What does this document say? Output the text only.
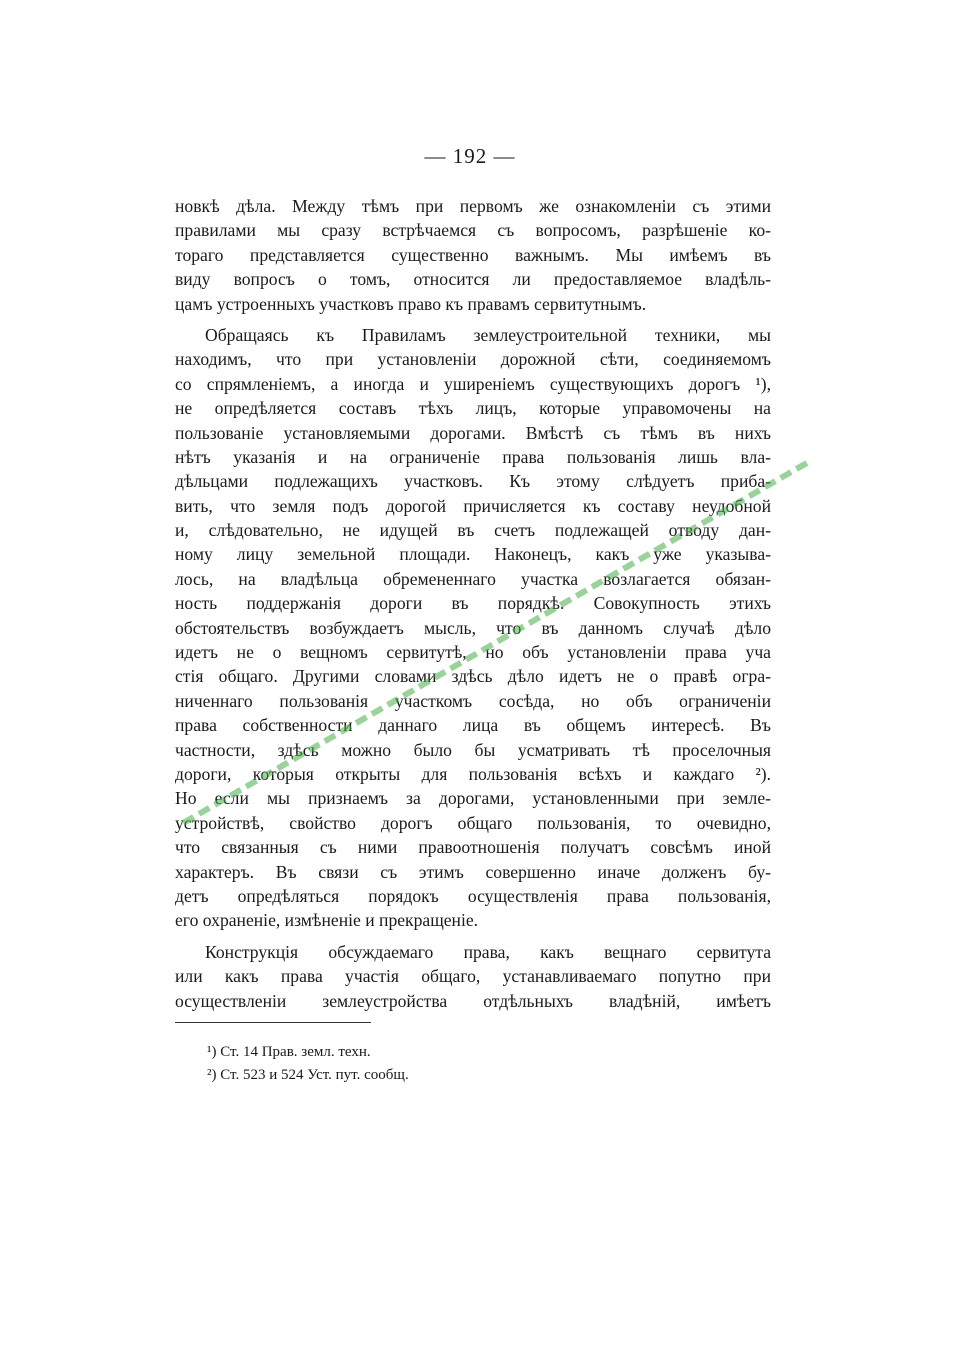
— 192 —
новкѣ дѣла. Между тѣмъ при первомъ же ознакомленіи съ этими
правилами мы сразу встрѣчаемся съ вопросомъ, разрѣшеніе ко-
тораго представляется существенно важнымъ. Мы имѣемъ въ
виду вопросъ о томъ, относится ли предоставляемое владѣль-
цамъ устроенныхъ участковъ право къ правамъ сервитутнымъ.
Обращаясь къ Правиламъ землеустроительной техники, мы
находимъ, что при установленіи дорожной сѣти, соединяемомъ
со спрямленіемъ, а иногда и уширеніемъ существующихъ дорогъ ¹),
не опредѣляется составъ тѣхъ лицъ, которые управомочены на
пользованіе установляемыми дорогами. Вмѣстѣ съ тѣмъ въ нихъ
нѣтъ указанія и на ограниченіе права пользованія лишь вла-
дѣльцами подлежащихъ участковъ. Къ этому слѣдуетъ прибa-
вить, что земля подъ дорогой причисляется къ составу неудобной
и, слѣдовательно, не идущей въ счетъ подлежащей отводу дан-
ному лицу земельной площади. Наконецъ, какъ уже указыва-
лось, на владѣльца обремененнаго участка возлагается обязан-
ность поддержанія дороги въ порядкѣ. Совокупность этихъ
обстоятельствъ возбуждаетъ мысль, что въ данномъ случаѣ дѣло
идетъ не о вещномъ сервитутѣ, но объ установленіи права уча
стія общаго. Другими словами здѣсь дѣло идетъ не о правѣ огра-
ниченнаго пользованія участкомъ сосѣда, но объ ограниченіи
права собственности даннаго лица въ общемъ интересѣ. Въ
частности, здѣсь можно было бы усматривать тѣ проселочныя
дороги, которыя открыты для пользованія всѣхъ и каждаго ²).
Но если мы признаемъ за дорогами, установленными при земле-
устройствѣ, свойство дорогъ общаго пользованія, то очевидно,
что связанныя съ ними правоотношенія получатъ совсѣмъ иной
характеръ. Въ связи съ этимъ совершенно иначе долженъ бу-
детъ опредѣляться порядокъ осуществленія права пользованія,
его охраненіе, измѣненіе и прекращеніе.
Конструкція обсуждаемаго права, какъ вещнаго сервитута
или какъ права участія общаго, устанавливаемаго попутно при
осуществленіи землеустройства отдѣльныхъ владѣній, имѣетъ
¹) Ст. 14 Прав. земл. техн.
²) Ст. 523 и 524 Уст. пут. сообщ.
